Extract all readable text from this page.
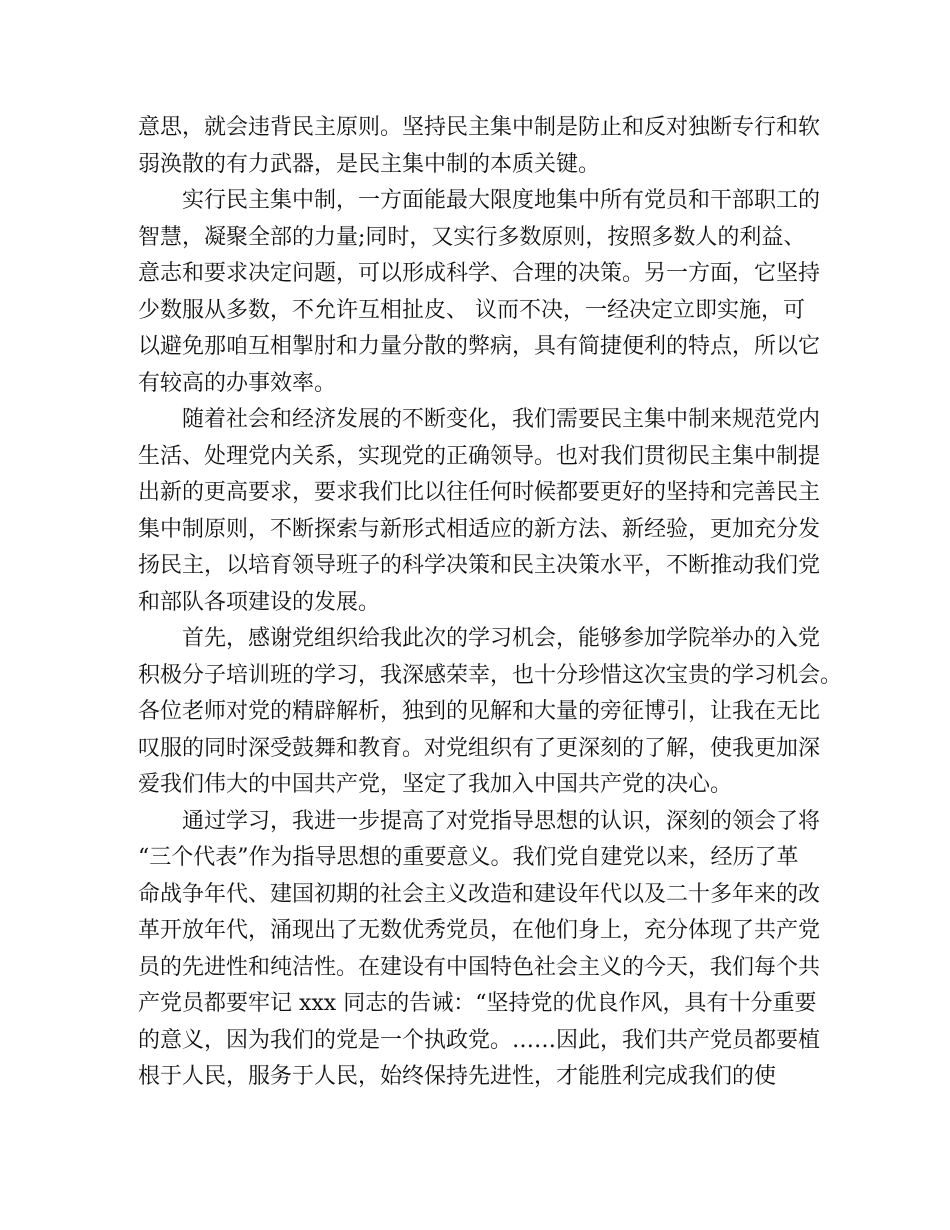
意思，就会违背民主原则。坚持民主集中制是防止和反对独断专行和软
弱涣散的有力武器，是民主集中制的本质关键。
实行民主集中制，一方面能最大限度地集中所有党员和干部职工的
智慧，凝聚全部的力量;同时，又实行多数原则，按照多数人的利益、
意志和要求决定问题，可以形成科学、合理的决策。另一方面，它坚持
少数服从多数，不允许互相扯皮、 议而不决，一经决定立即实施，可
以避免那咱互相掣肘和力量分散的弊病，具有简捷便利的特点，所以它
有较高的办事效率。
随着社会和经济发展的不断变化，我们需要民主集中制来规范党内
生活、处理党内关系，实现党的正确领导。也对我们贯彻民主集中制提
出新的更高要求，要求我们比以往任何时候都要更好的坚持和完善民主
集中制原则，不断探索与新形式相适应的新方法、新经验，更加充分发
扬民主，以培育领导班子的科学决策和民主决策水平，不断推动我们党
和部队各项建设的发展。
首先，感谢党组织给我此次的学习机会，能够参加学院举办的入党
积极分子培训班的学习，我深感荣幸，也十分珍惜这次宝贵的学习机会。
各位老师对党的精辟解析，独到的见解和大量的旁征博引，让我在无比
叹服的同时深受鼓舞和教育。对党组织有了更深刻的了解，使我更加深
爱我们伟大的中国共产党，坚定了我加入中国共产党的决心。
通过学习，我进一步提高了对党指导思想的认识，深刻的领会了将
“三个代表”作为指导思想的重要意义。我们党自建党以来，经历了革
命战争年代、建国初期的社会主义改造和建设年代以及二十多年来的改
革开放年代，涌现出了无数优秀党员，在他们身上，充分体现了共产党
员的先进性和纯洁性。在建设有中国特色社会主义的今天，我们每个共
产党员都要牢记 xxx 同志的告诫：“坚持党的优良作风，具有十分重要
的意义，因为我们的党是一个执政党。……因此，我们共产党员都要植
根于人民，服务于人民，始终保持先进性，才能胜利完成我们的使
